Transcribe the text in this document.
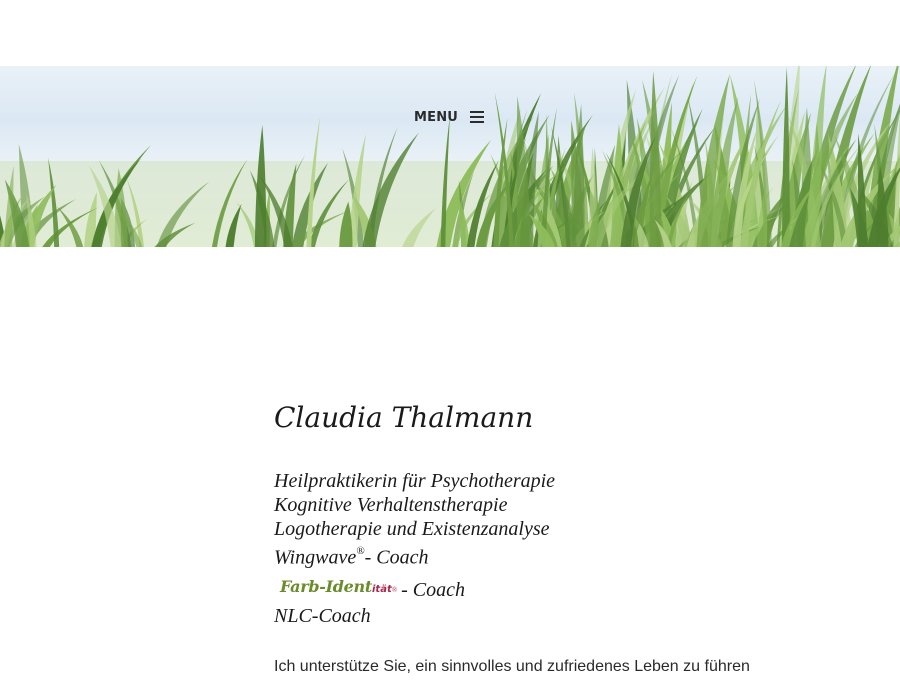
MENU
Claudia Thalmann
Heilpraktikerin für Psychotherapie
Kognitive Verhaltenstherapie
Logotherapie und Existenzanalyse
Wingwave®- Coach
Farb-Ident ität ® - Coach
NLC-Coach

Ich unterstütze Sie, ein sinnvolles und zufriedenes Leben zu führen
